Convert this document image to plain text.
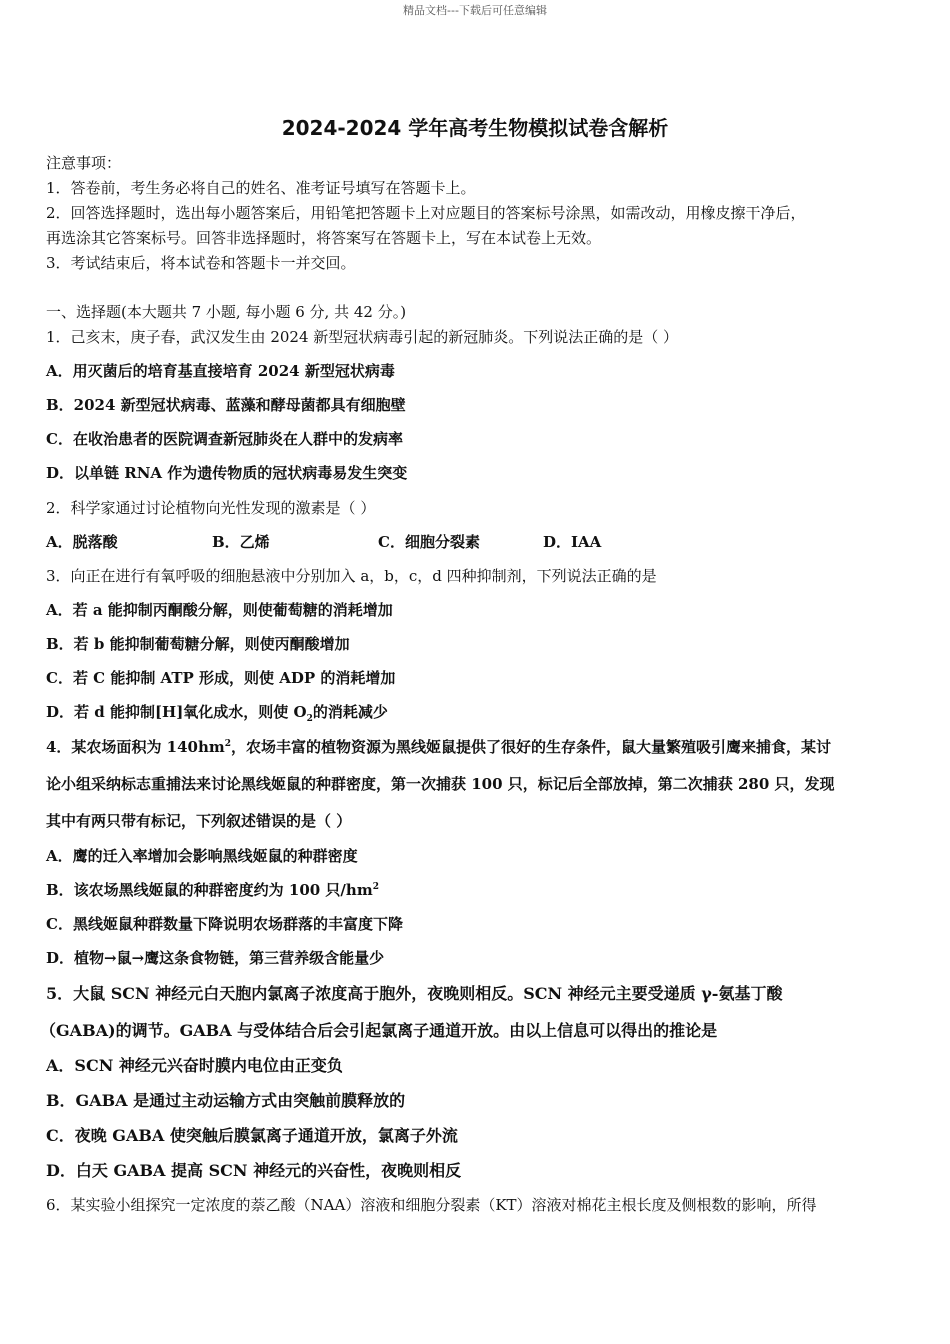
精品文档---下载后可任意编辑
2024-2024 学年高考生物模拟试卷含解析
注意事项：
1．答卷前，考生务必将自己的姓名、准考证号填写在答题卡上。
2．回答选择题时，选出每小题答案后，用铅笔把答题卡上对应题目的答案标号涂黑，如需改动，用橡皮擦干净后，
再选涂其它答案标号。回答非选择题时，将答案写在答题卡上，写在本试卷上无效。
3．考试结束后，将本试卷和答题卡一并交回。
一、选择题(本大题共 7 小题, 每小题 6 分, 共 42 分。)
1．己亥末，庚子春，武汉发生由 2024 新型冠状病毒引起的新冠肺炎。下列说法正确的是（ ）
A．用灭菌后的培育基直接培育 2024 新型冠状病毒
B．2024 新型冠状病毒、蓝藻和酵母菌都具有细胞壁
C．在收治患者的医院调查新冠肺炎在人群中的发病率
D．以单链 RNA 作为遗传物质的冠状病毒易发生突变
2．科学家通过讨论植物向光性发现的激素是（ ）
A．脱落酸	B．乙烯	C．细胞分裂素	D．IAA
3．向正在进行有氧呼吸的细胞悬液中分别加入 a，b，c，d 四种抑制剂，下列说法正确的是
A．若 a 能抑制丙酮酸分解，则使葡萄糖的消耗增加
B．若 b 能抑制葡萄糖分解，则使丙酮酸增加
C．若 C 能抑制 ATP 形成，则使 ADP 的消耗增加
D．若 d 能抑制[H]氧化成水，则使 $O_2$的消耗减少
4．某农场面积为 $140hm^2$，农场丰富的植物资源为黑线姬鼠提供了很好的生存条件，鼠大量繁殖吸引鹰来捕食，某讨
论小组采纳标志重捕法来讨论黑线姬鼠的种群密度，第一次捕获 100 只，标记后全部放掉，第二次捕获 280 只，发现
其中有两只带有标记，下列叙述错误的是（ ）
A．鹰的迁入率增加会影响黑线姬鼠的种群密度
B．该农场黑线姬鼠的种群密度约为 100 只$/hm^2$
C．黑线姬鼠种群数量下降说明农场群落的丰富度下降
D．植物→鼠→鹰这条食物链，第三营养级含能量少
5．大鼠 SCN 神经元白天胞内氯离子浓度高于胞外，夜晚则相反。SCN 神经元主要受递质 γ-氨基丁酸
（GABA)的调节。GABA 与受体结合后会引起氯离子通道开放。由以上信息可以得出的推论是
A．SCN 神经元兴奋时膜内电位由正变负
B．GABA 是通过主动运输方式由突触前膜释放的
C．夜晚 GABA 使突触后膜氯离子通道开放，氯离子外流
D．白天 GABA 提高 SCN 神经元的兴奋性，夜晚则相反
6．某实验小组探究一定浓度的萘乙酸（NAA）溶液和细胞分裂素（KT）溶液对棉花主根长度及侧根数的影响，所得
